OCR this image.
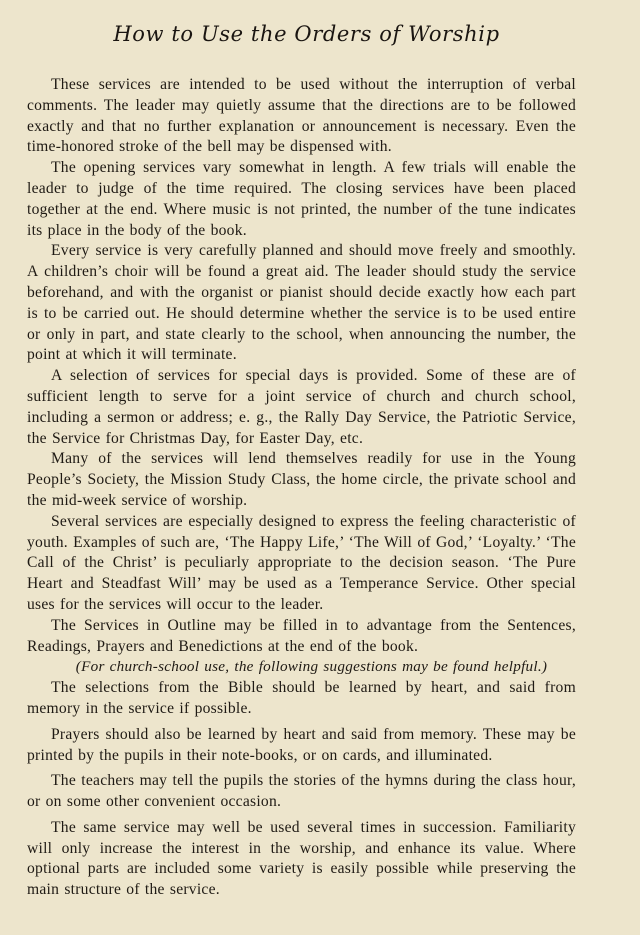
How to Use the Orders of Worship

These services are intended to be used without the interruption of verbal comments. The leader may quietly assume that the directions are to be followed exactly and that no further explanation or announcement is necessary. Even the time-honored stroke of the bell may be dispensed with.

The opening services vary somewhat in length. A few trials will enable the leader to judge of the time required. The closing services have been placed together at the end. Where music is not printed, the number of the tune indicates its place in the body of the book.

Every service is very carefully planned and should move freely and smoothly. A children’s choir will be found a great aid. The leader should study the service beforehand, and with the organist or pianist should decide exactly how each part is to be carried out. He should determine whether the service is to be used entire or only in part, and state clearly to the school, when announcing the number, the point at which it will terminate.

A selection of services for special days is provided. Some of these are of sufficient length to serve for a joint service of church and church school, including a sermon or address; e. g., the Rally Day Service, the Patriotic Service, the Service for Christmas Day, for Easter Day, etc.

Many of the services will lend themselves readily for use in the Young People’s Society, the Mission Study Class, the home circle, the private school and the mid-week service of worship.

Several services are especially designed to express the feeling characteristic of youth. Examples of such are, ‘The Happy Life,’ ‘The Will of God,’ ‘Loyalty.’ ‘The Call of the Christ’ is peculiarly appropriate to the decision season. ‘The Pure Heart and Steadfast Will’ may be used as a Temperance Service. Other special uses for the services will occur to the leader.

The Services in Outline may be filled in to advantage from the Sentences, Readings, Prayers and Benedictions at the end of the book.

(For church-school use, the following suggestions may be found helpful.)

The selections from the Bible should be learned by heart, and said from memory in the service if possible.

Prayers should also be learned by heart and said from memory. These may be printed by the pupils in their note-books, or on cards, and illuminated.

The teachers may tell the pupils the stories of the hymns during the class hour, or on some other convenient occasion.

The same service may well be used several times in succession. Familiarity will only increase the interest in the worship, and enhance its value. Where optional parts are included some variety is easily possible while preserving the main structure of the service.
